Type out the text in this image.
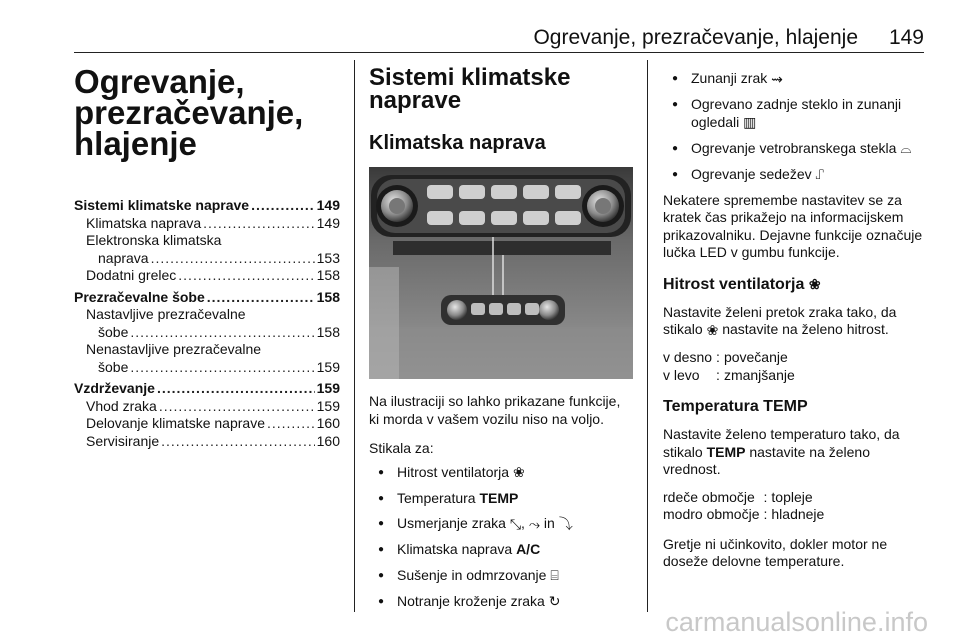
Ogrevanje, prezračevanje, hlajenje 149
Ogrevanje,
prezračevanje,
hlajenje
Sistemi klimatske naprave .....	149
Klimatska naprava .....	149
Elektronska klimatska
naprava .....	153
Dodatni grelec .....	158
Prezračevalne šobe .....	158
Nastavljive prezračevalne
šobe .....	158
Nenastavljive prezračevalne
šobe .....	159
Vzdrževanje .....	159
Vhod zraka .....	159
Delovanje klimatske naprave .....	160
Servisiranje .....	160
Sistemi klimatske
naprave
Klimatska naprava

Na ilustraciji so lahko prikazane funkcije, ki morda v vašem vozilu niso na voljo.

Stikala za:

● Hitrost ventilatorja ❀
● Temperatura TEMP
● Usmerjanje zraka ⤡, ⤳ in ⤵
● Klimatska naprava A/C
● Sušenje in odmrzovanje ⌸
● Notranje kroženje zraka ↻
● Zunanji zrak ⇝
● Ogrevano zadnje steklo in zunanji ogledali ▥
● Ogrevanje vetrobranskega stekla ⌓
● Ogrevanje sedežev ⑀

Nekatere spremembe nastavitev se za kratek čas prikažejo na informacijskem prikazovalniku. Dejavne funkcije označuje lučka LED v gumbu funkcije.

Hitrost ventilatorja ❀

Nastavite želeni pretok zraka tako, da stikalo ❀ nastavite na želeno hitrost.

v desno	:	povečanje
v levo	:	zmanjšanje
Temperatura TEMP

Nastavite želeno temperaturo tako, da stikalo TEMP nastavite na želeno vrednost.

rdeče območje	:	topleje
modro območje	:	hladneje

Gretje ni učinkovito, dokler motor ne doseže delovne temperature.

carmanualsonline.info
